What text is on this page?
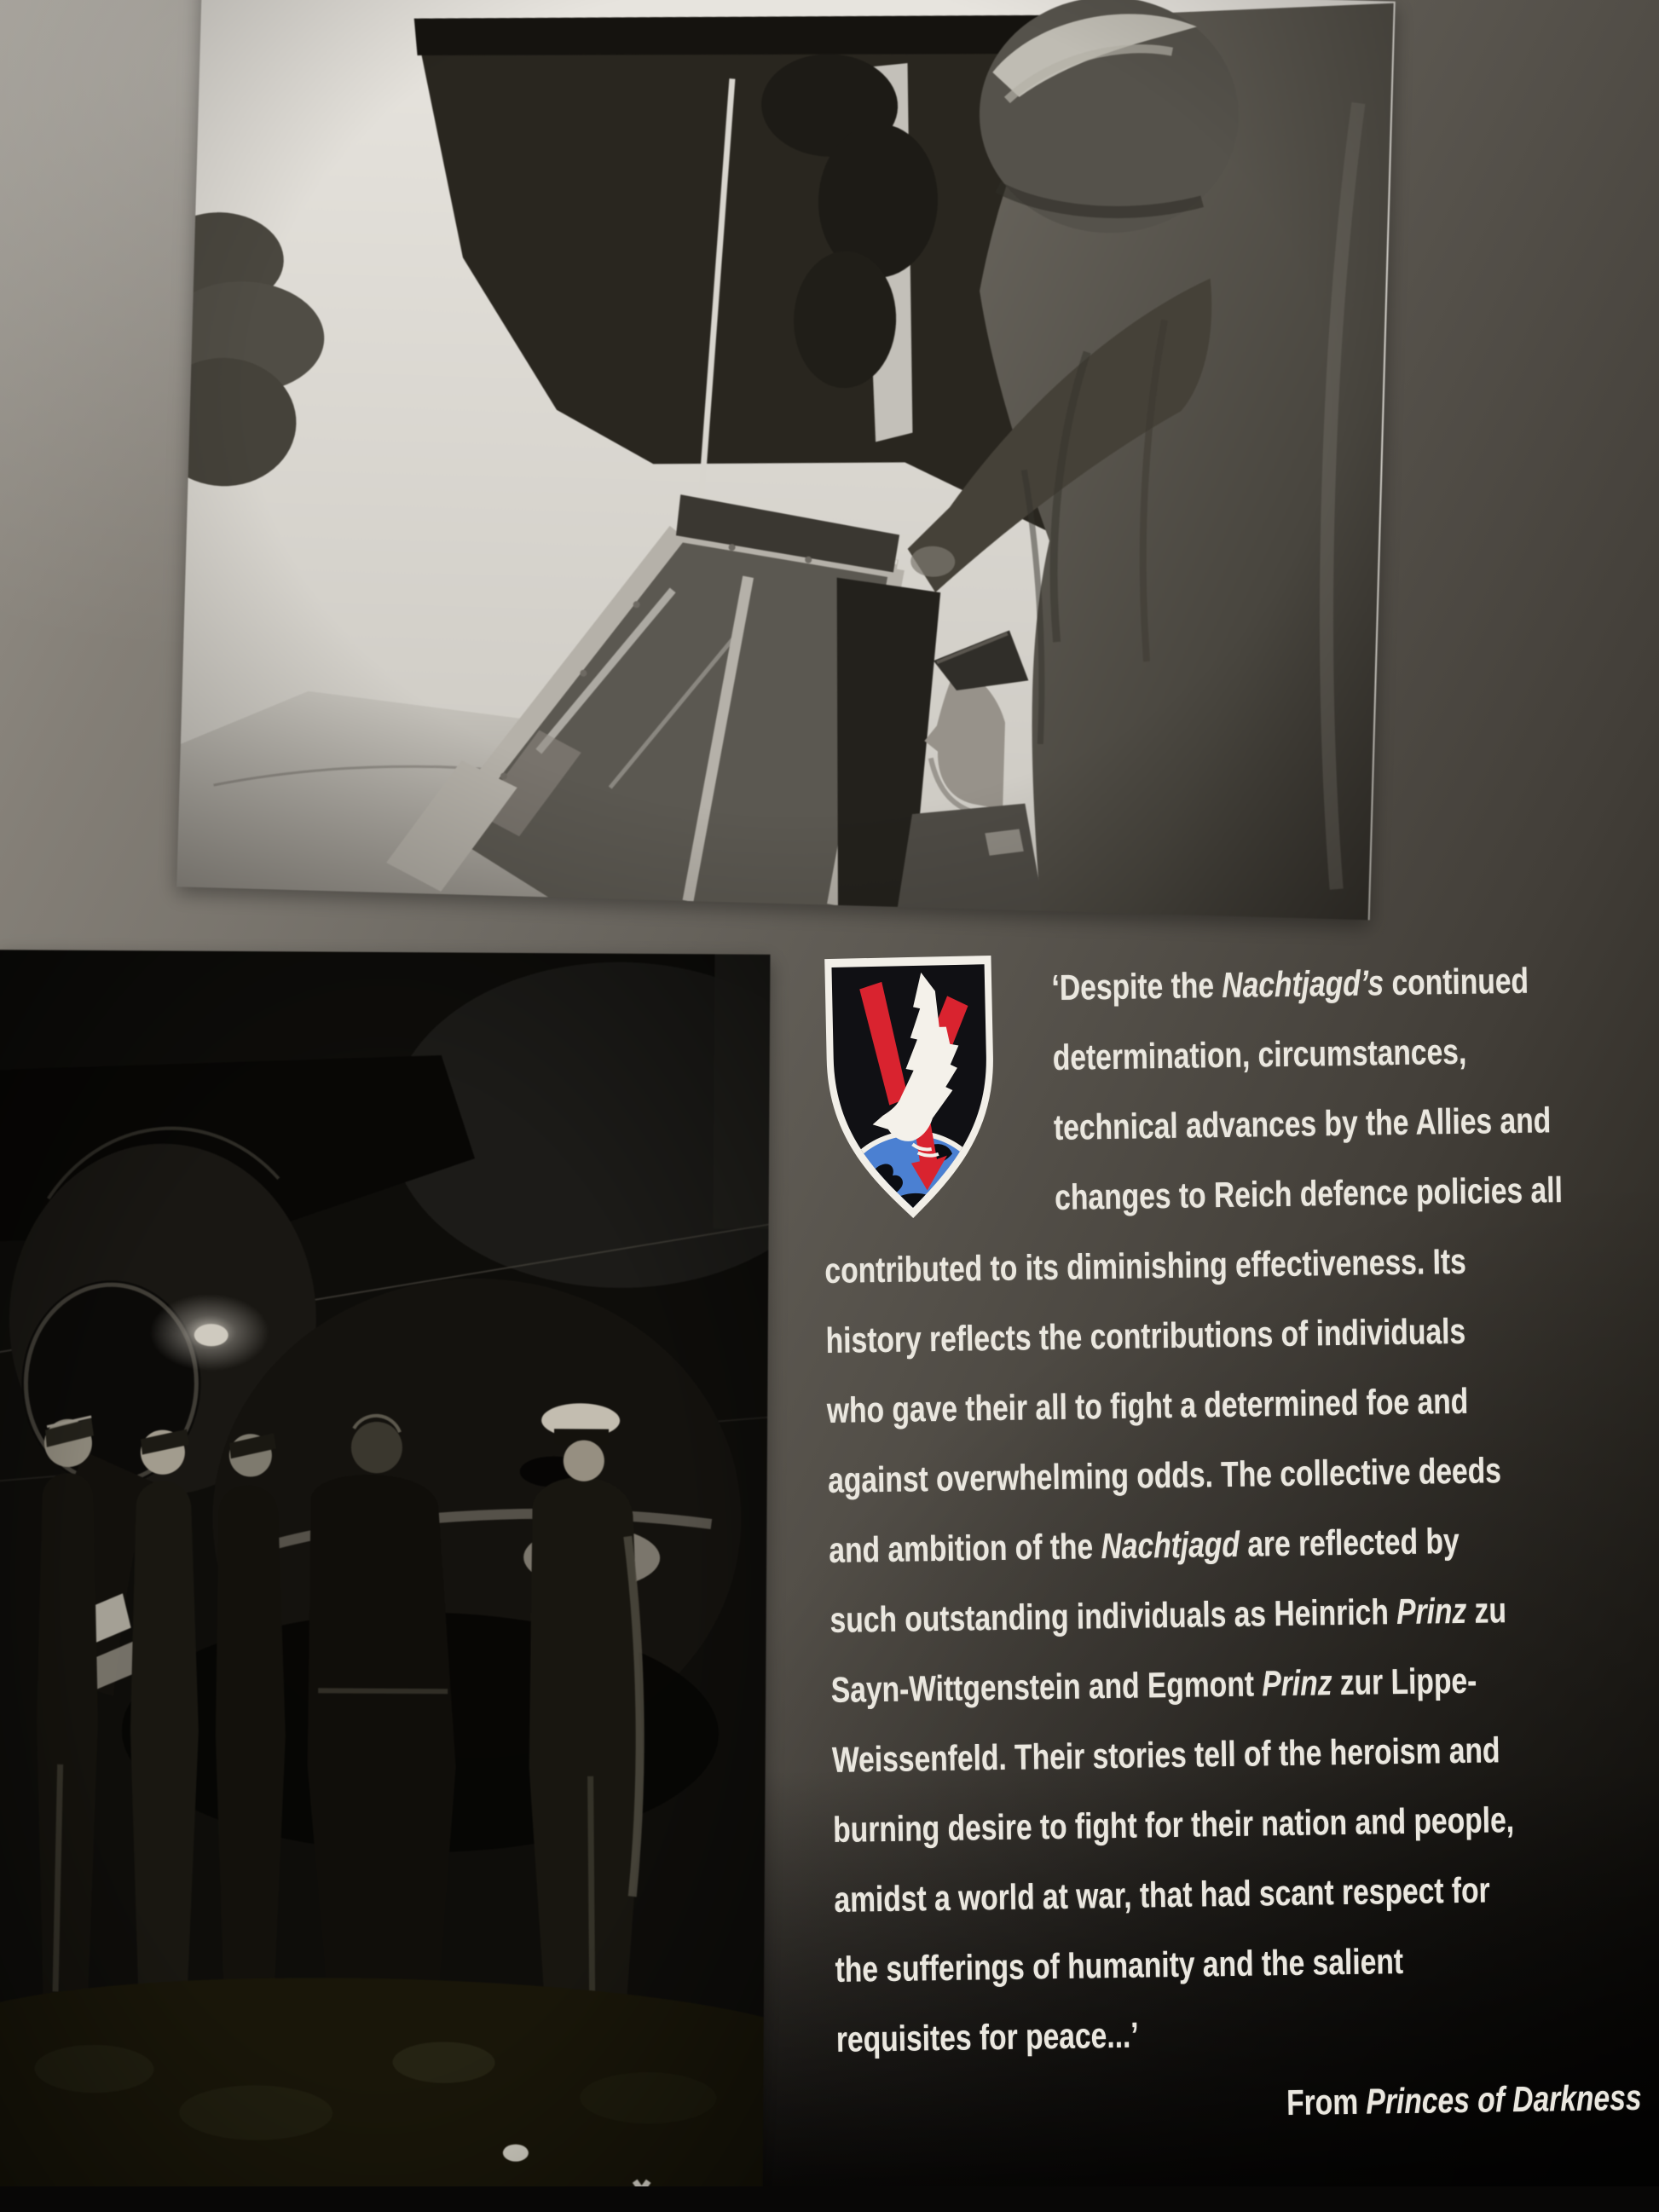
‘Despite the Nachtjagd’s continued
determination, circumstances,
technical advances by the Allies and
changes to Reich defence policies all
contributed to its diminishing effectiveness. Its
history reflects the contributions of individuals
who gave their all to fight a determined foe and
against overwhelming odds. The collective deeds
and ambition of the Nachtjagd are reflected by
such outstanding individuals as Heinrich Prinz zu
Sayn-Wittgenstein and Egmont Prinz zur Lippe-
Weissenfeld. Their stories tell of the heroism and
burning desire to fight for their nation and people,
amidst a world at war, that had scant respect for
the sufferings of humanity and the salient
requisites for peace...’
From Princes of Darkness
